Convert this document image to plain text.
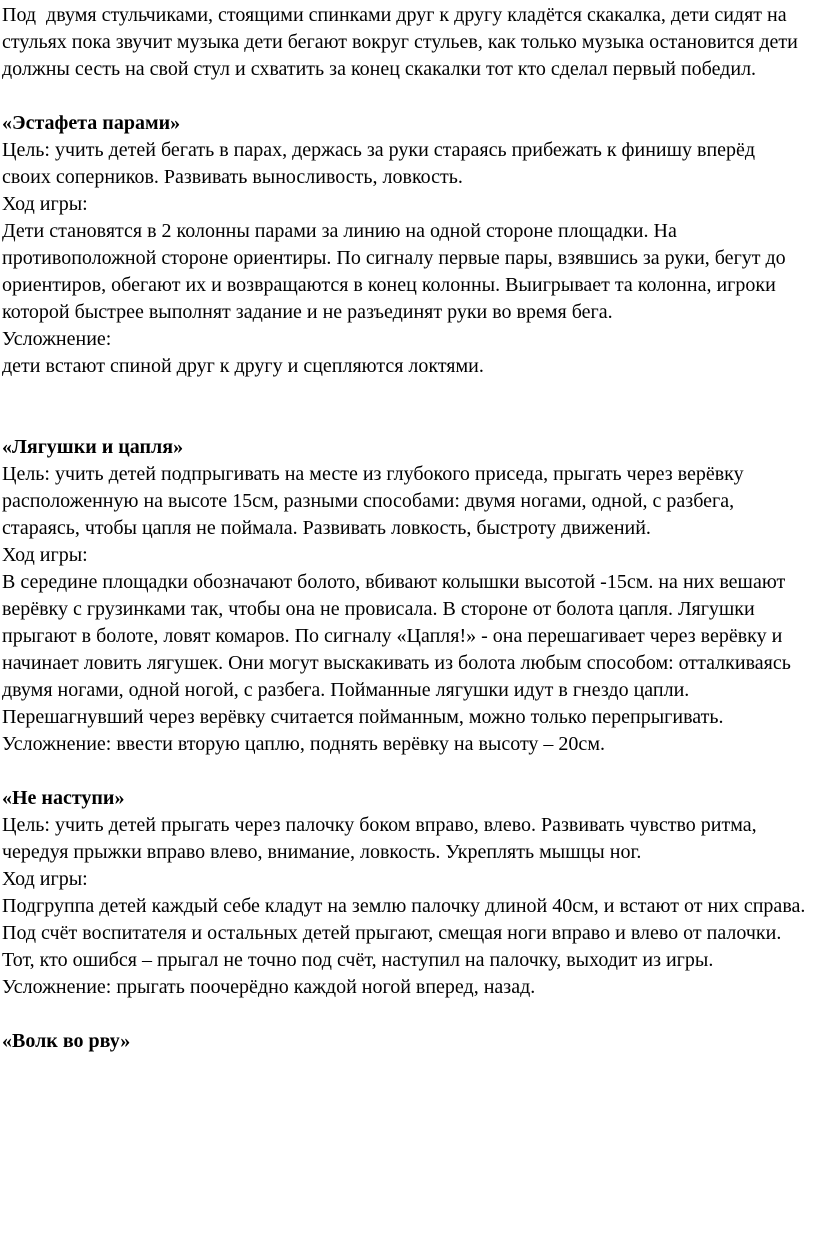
Под  двумя стульчиками, стоящими спинками друг к другу кладётся скакалка, дети сидят на стульях пока звучит музыка дети бегают вокруг стульев, как только музыка остановится дети должны сесть на свой стул и схватить за конец скакалки тот кто сделал первый победил.
«Эстафета парами»
Цель: учить детей бегать в парах, держась за руки стараясь прибежать к финишу вперёд своих соперников. Развивать выносливость, ловкость.
Ход игры:
Дети становятся в 2 колонны парами за линию на одной стороне площадки. На противоположной стороне ориентиры. По сигналу первые пары, взявшись за руки, бегут до ориентиров, обегают их и возвращаются в конец колонны. Выигрывает та колонна, игроки которой быстрее выполнят задание и не разъединят руки во время бега.
Усложнение:
дети встают спиной друг к другу и сцепляются локтями.
«Лягушки и цапля»
Цель: учить детей подпрыгивать на месте из глубокого приседа, прыгать через верёвку расположенную на высоте 15см, разными способами: двумя ногами, одной, с разбега, стараясь, чтобы цапля не поймала. Развивать ловкость, быстроту движений.
Ход игры:
В середине площадки обозначают болото, вбивают колышки высотой -15см. на них вешают верёвку с грузинками так, чтобы она не провисала. В стороне от болота цапля. Лягушки прыгают в болоте, ловят комаров. По сигналу «Цапля!» - она перешагивает через верёвку и начинает ловить лягушек. Они могут выскакивать из болота любым способом: отталкиваясь двумя ногами, одной ногой, с разбега. Пойманные лягушки идут в гнездо цапли.
Перешагнувший через верёвку считается пойманным, можно только перепрыгивать.
Усложнение: ввести вторую цаплю, поднять верёвку на высоту – 20см.
«Не наступи»
Цель: учить детей прыгать через палочку боком вправо, влево. Развивать чувство ритма, чередуя прыжки вправо влево, внимание, ловкость. Укреплять мышцы ног.
Ход игры:
Подгруппа детей каждый себе кладут на землю палочку длиной 40см, и встают от них справа. Под счёт воспитателя и остальных детей прыгают, смещая ноги вправо и влево от палочки. Тот, кто ошибся – прыгал не точно под счёт, наступил на палочку, выходит из игры.
Усложнение: прыгать поочерёдно каждой ногой вперед, назад.
«Волк во рву»
